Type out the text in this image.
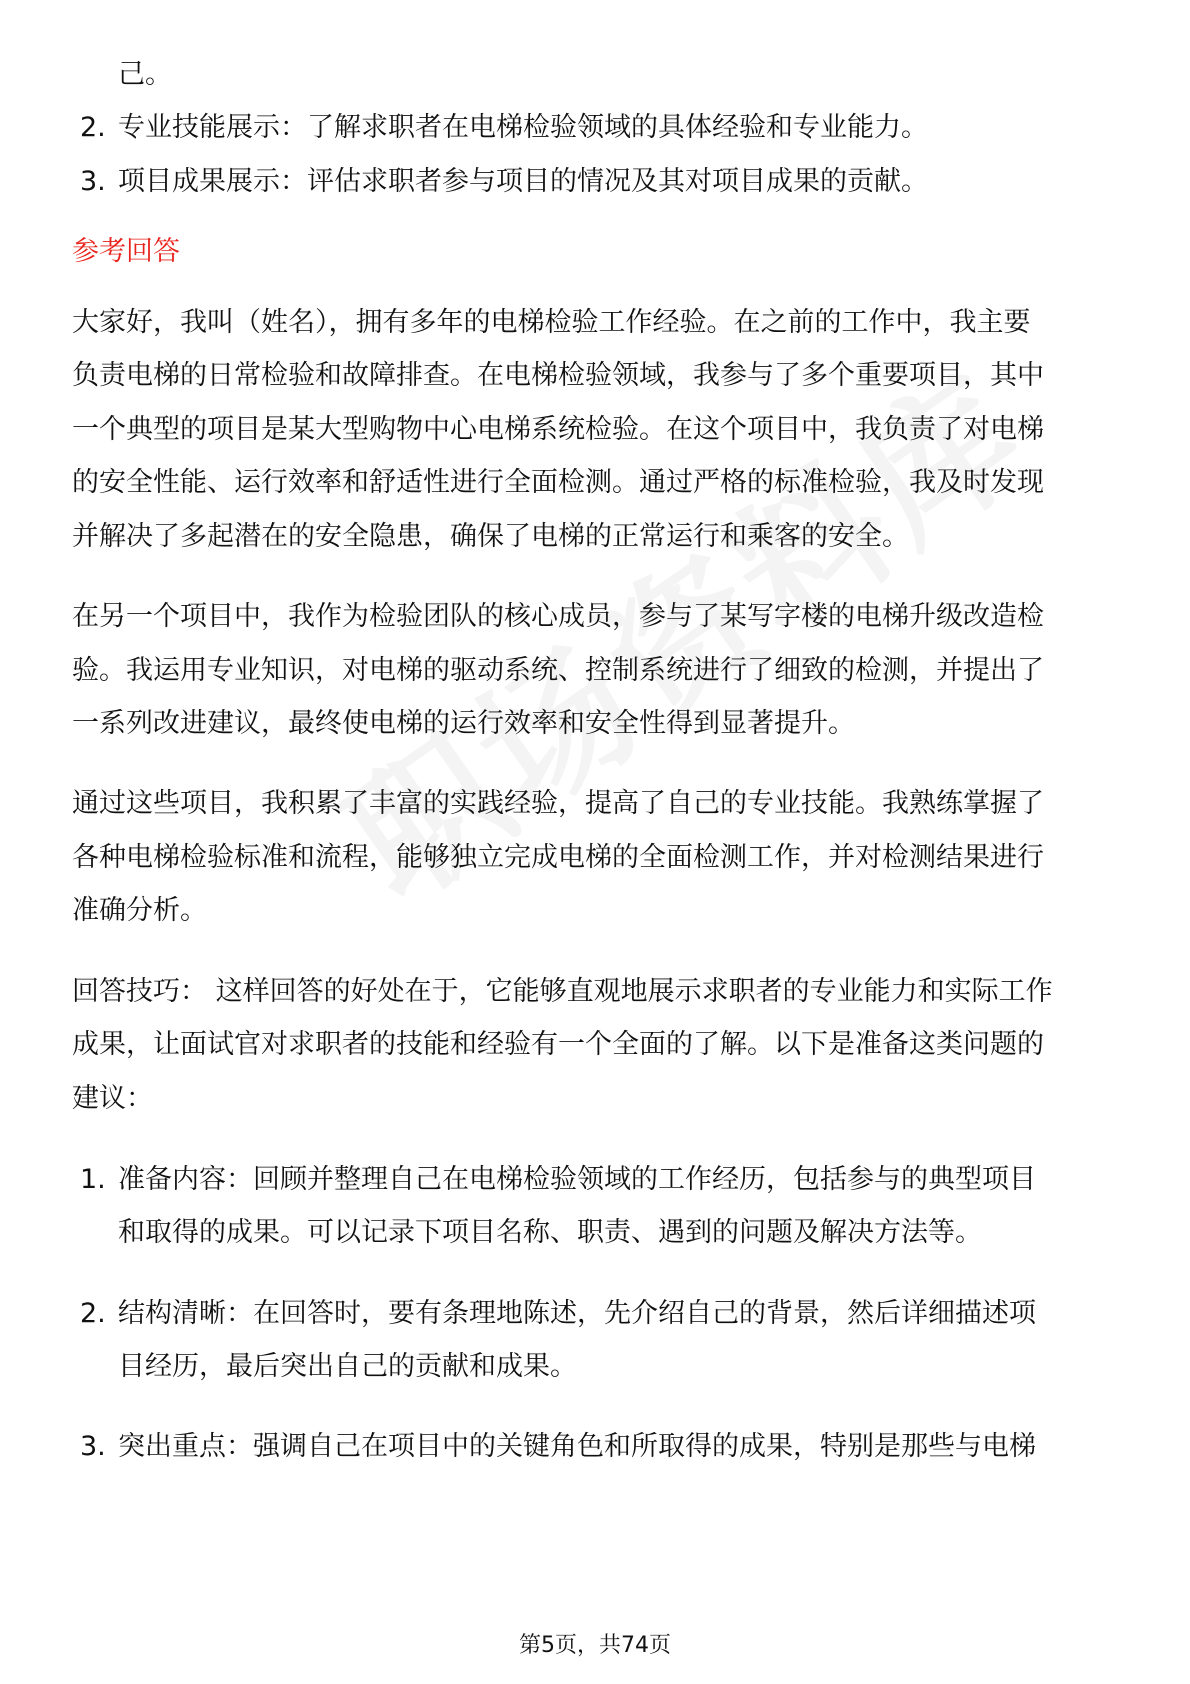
己。
2. 专业技能展示：了解求职者在电梯检验领域的具体经验和专业能力。
3. 项目成果展示：评估求职者参与项目的情况及其对项目成果的贡献。
参考回答
大家好，我叫（姓名），拥有多年的电梯检验工作经验。在之前的工作中，我主要
负责电梯的日常检验和故障排查。在电梯检验领域，我参与了多个重要项目，其中
一个典型的项目是某大型购物中心电梯系统检验。在这个项目中，我负责了对电梯
的安全性能、运行效率和舒适性进行全面检测。通过严格的标准检验，我及时发现
并解决了多起潜在的安全隐患，确保了电梯的正常运行和乘客的安全。
在另一个项目中，我作为检验团队的核心成员，参与了某写字楼的电梯升级改造检
验。我运用专业知识，对电梯的驱动系统、控制系统进行了细致的检测，并提出了
一系列改进建议，最终使电梯的运行效率和安全性得到显著提升。
通过这些项目，我积累了丰富的实践经验，提高了自己的专业技能。我熟练掌握了
各种电梯检验标准和流程，能够独立完成电梯的全面检测工作，并对检测结果进行
准确分析。
回答技巧： 这样回答的好处在于，它能够直观地展示求职者的专业能力和实际工作
成果，让面试官对求职者的技能和经验有一个全面的了解。以下是准备这类问题的
建议：
1. 准备内容：回顾并整理自己在电梯检验领域的工作经历，包括参与的典型项目
和取得的成果。可以记录下项目名称、职责、遇到的问题及解决方法等。
2. 结构清晰：在回答时，要有条理地陈述，先介绍自己的背景，然后详细描述项
目经历，最后突出自己的贡献和成果。
3. 突出重点：强调自己在项目中的关键角色和所取得的成果，特别是那些与电梯
第5页，共74页
